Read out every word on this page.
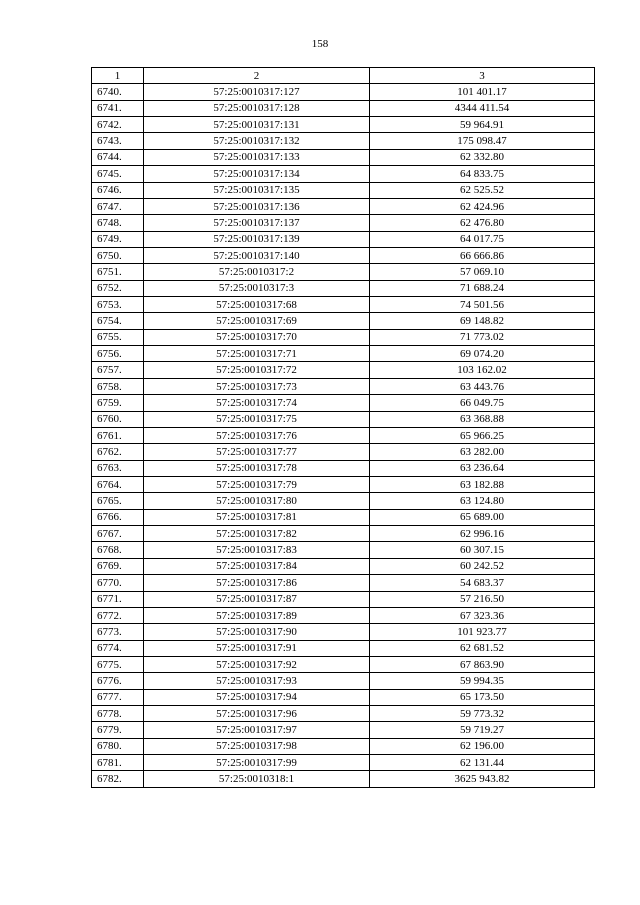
158
1	2	3
6740.	57:25:0010317:127	101 401.17
6741.	57:25:0010317:128	4344 411.54
6742.	57:25:0010317:131	59 964.91
6743.	57:25:0010317:132	175 098.47
6744.	57:25:0010317:133	62 332.80
6745.	57:25:0010317:134	64 833.75
6746.	57:25:0010317:135	62 525.52
6747.	57:25:0010317:136	62 424.96
6748.	57:25:0010317:137	62 476.80
6749.	57:25:0010317:139	64 017.75
6750.	57:25:0010317:140	66 666.86
6751.	57:25:0010317:2	57 069.10
6752.	57:25:0010317:3	71 688.24
6753.	57:25:0010317:68	74 501.56
6754.	57:25:0010317:69	69 148.82
6755.	57:25:0010317:70	71 773.02
6756.	57:25:0010317:71	69 074.20
6757.	57:25:0010317:72	103 162.02
6758.	57:25:0010317:73	63 443.76
6759.	57:25:0010317:74	66 049.75
6760.	57:25:0010317:75	63 368.88
6761.	57:25:0010317:76	65 966.25
6762.	57:25:0010317:77	63 282.00
6763.	57:25:0010317:78	63 236.64
6764.	57:25:0010317:79	63 182.88
6765.	57:25:0010317:80	63 124.80
6766.	57:25:0010317:81	65 689.00
6767.	57:25:0010317:82	62 996.16
6768.	57:25:0010317:83	60 307.15
6769.	57:25:0010317:84	60 242.52
6770.	57:25:0010317:86	54 683.37
6771.	57:25:0010317:87	57 216.50
6772.	57:25:0010317:89	67 323.36
6773.	57:25:0010317:90	101 923.77
6774.	57:25:0010317:91	62 681.52
6775.	57:25:0010317:92	67 863.90
6776.	57:25:0010317:93	59 994.35
6777.	57:25:0010317:94	65 173.50
6778.	57:25:0010317:96	59 773.32
6779.	57:25:0010317:97	59 719.27
6780.	57:25:0010317:98	62 196.00
6781.	57:25:0010317:99	62 131.44
6782.	57:25:0010318:1	3625 943.82
